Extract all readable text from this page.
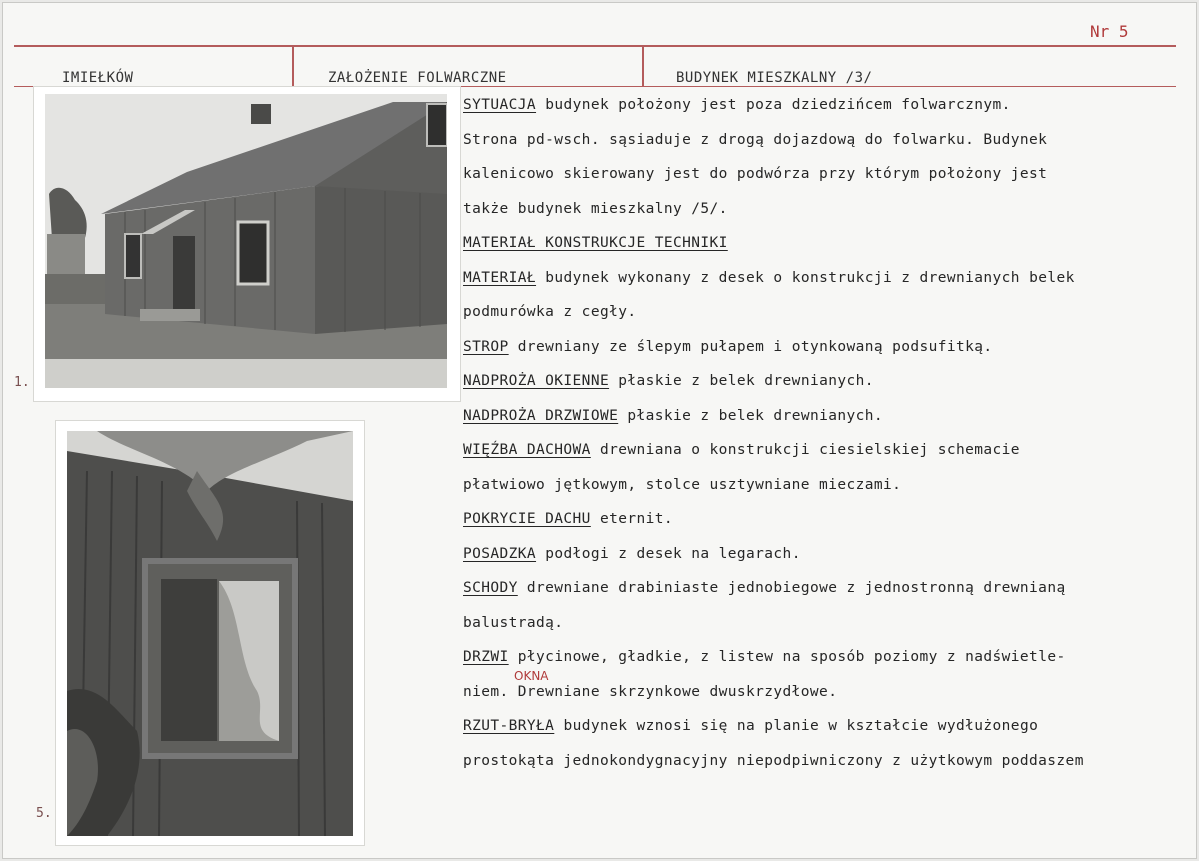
Nr 5
IMIEŁKÓW	ZAŁOŻENIE FOLWARCZNE	BUDYNEK MIESZKALNY /3/
1.
5.
OKNA
SYTUACJA budynek położony jest poza dziedzińcem folwarcznym.
Strona pd-wsch. sąsiaduje z drogą dojazdową do folwarku. Budynek
kalenicowo skierowany jest do podwórza przy którym położony jest
także budynek mieszkalny /5/.
MATERIAŁ KONSTRUKCJE TECHNIKI
MATERIAŁ budynek wykonany z desek o konstrukcji z drewnianych belek
podmurówka z cegły.
STROP drewniany ze ślepym pułapem i otynkowaną podsufitką.
NADPROŻA OKIENNE płaskie z belek drewnianych.
NADPROŻA DRZWIOWE płaskie z belek drewnianych.
WIĘŹBA DACHOWA drewniana o konstrukcji ciesielskiej schemacie
płatwiowo jętkowym, stolce usztywniane mieczami.
POKRYCIE DACHU eternit.
POSADZKA podłogi z desek na legarach.
SCHODY drewniane drabiniaste jednobiegowe z jednostronną drewnianą
balustradą.
DRZWI płycinowe, gładkie, z listew na sposób poziomy z nadświetle-
niem. Drewniane skrzynkowe dwuskrzydłowe.
RZUT-BRYŁA budynek wznosi się na planie w kształcie wydłużonego
prostokąta jednokondygnacyjny niepodpiwniczony z użytkowym poddaszem
